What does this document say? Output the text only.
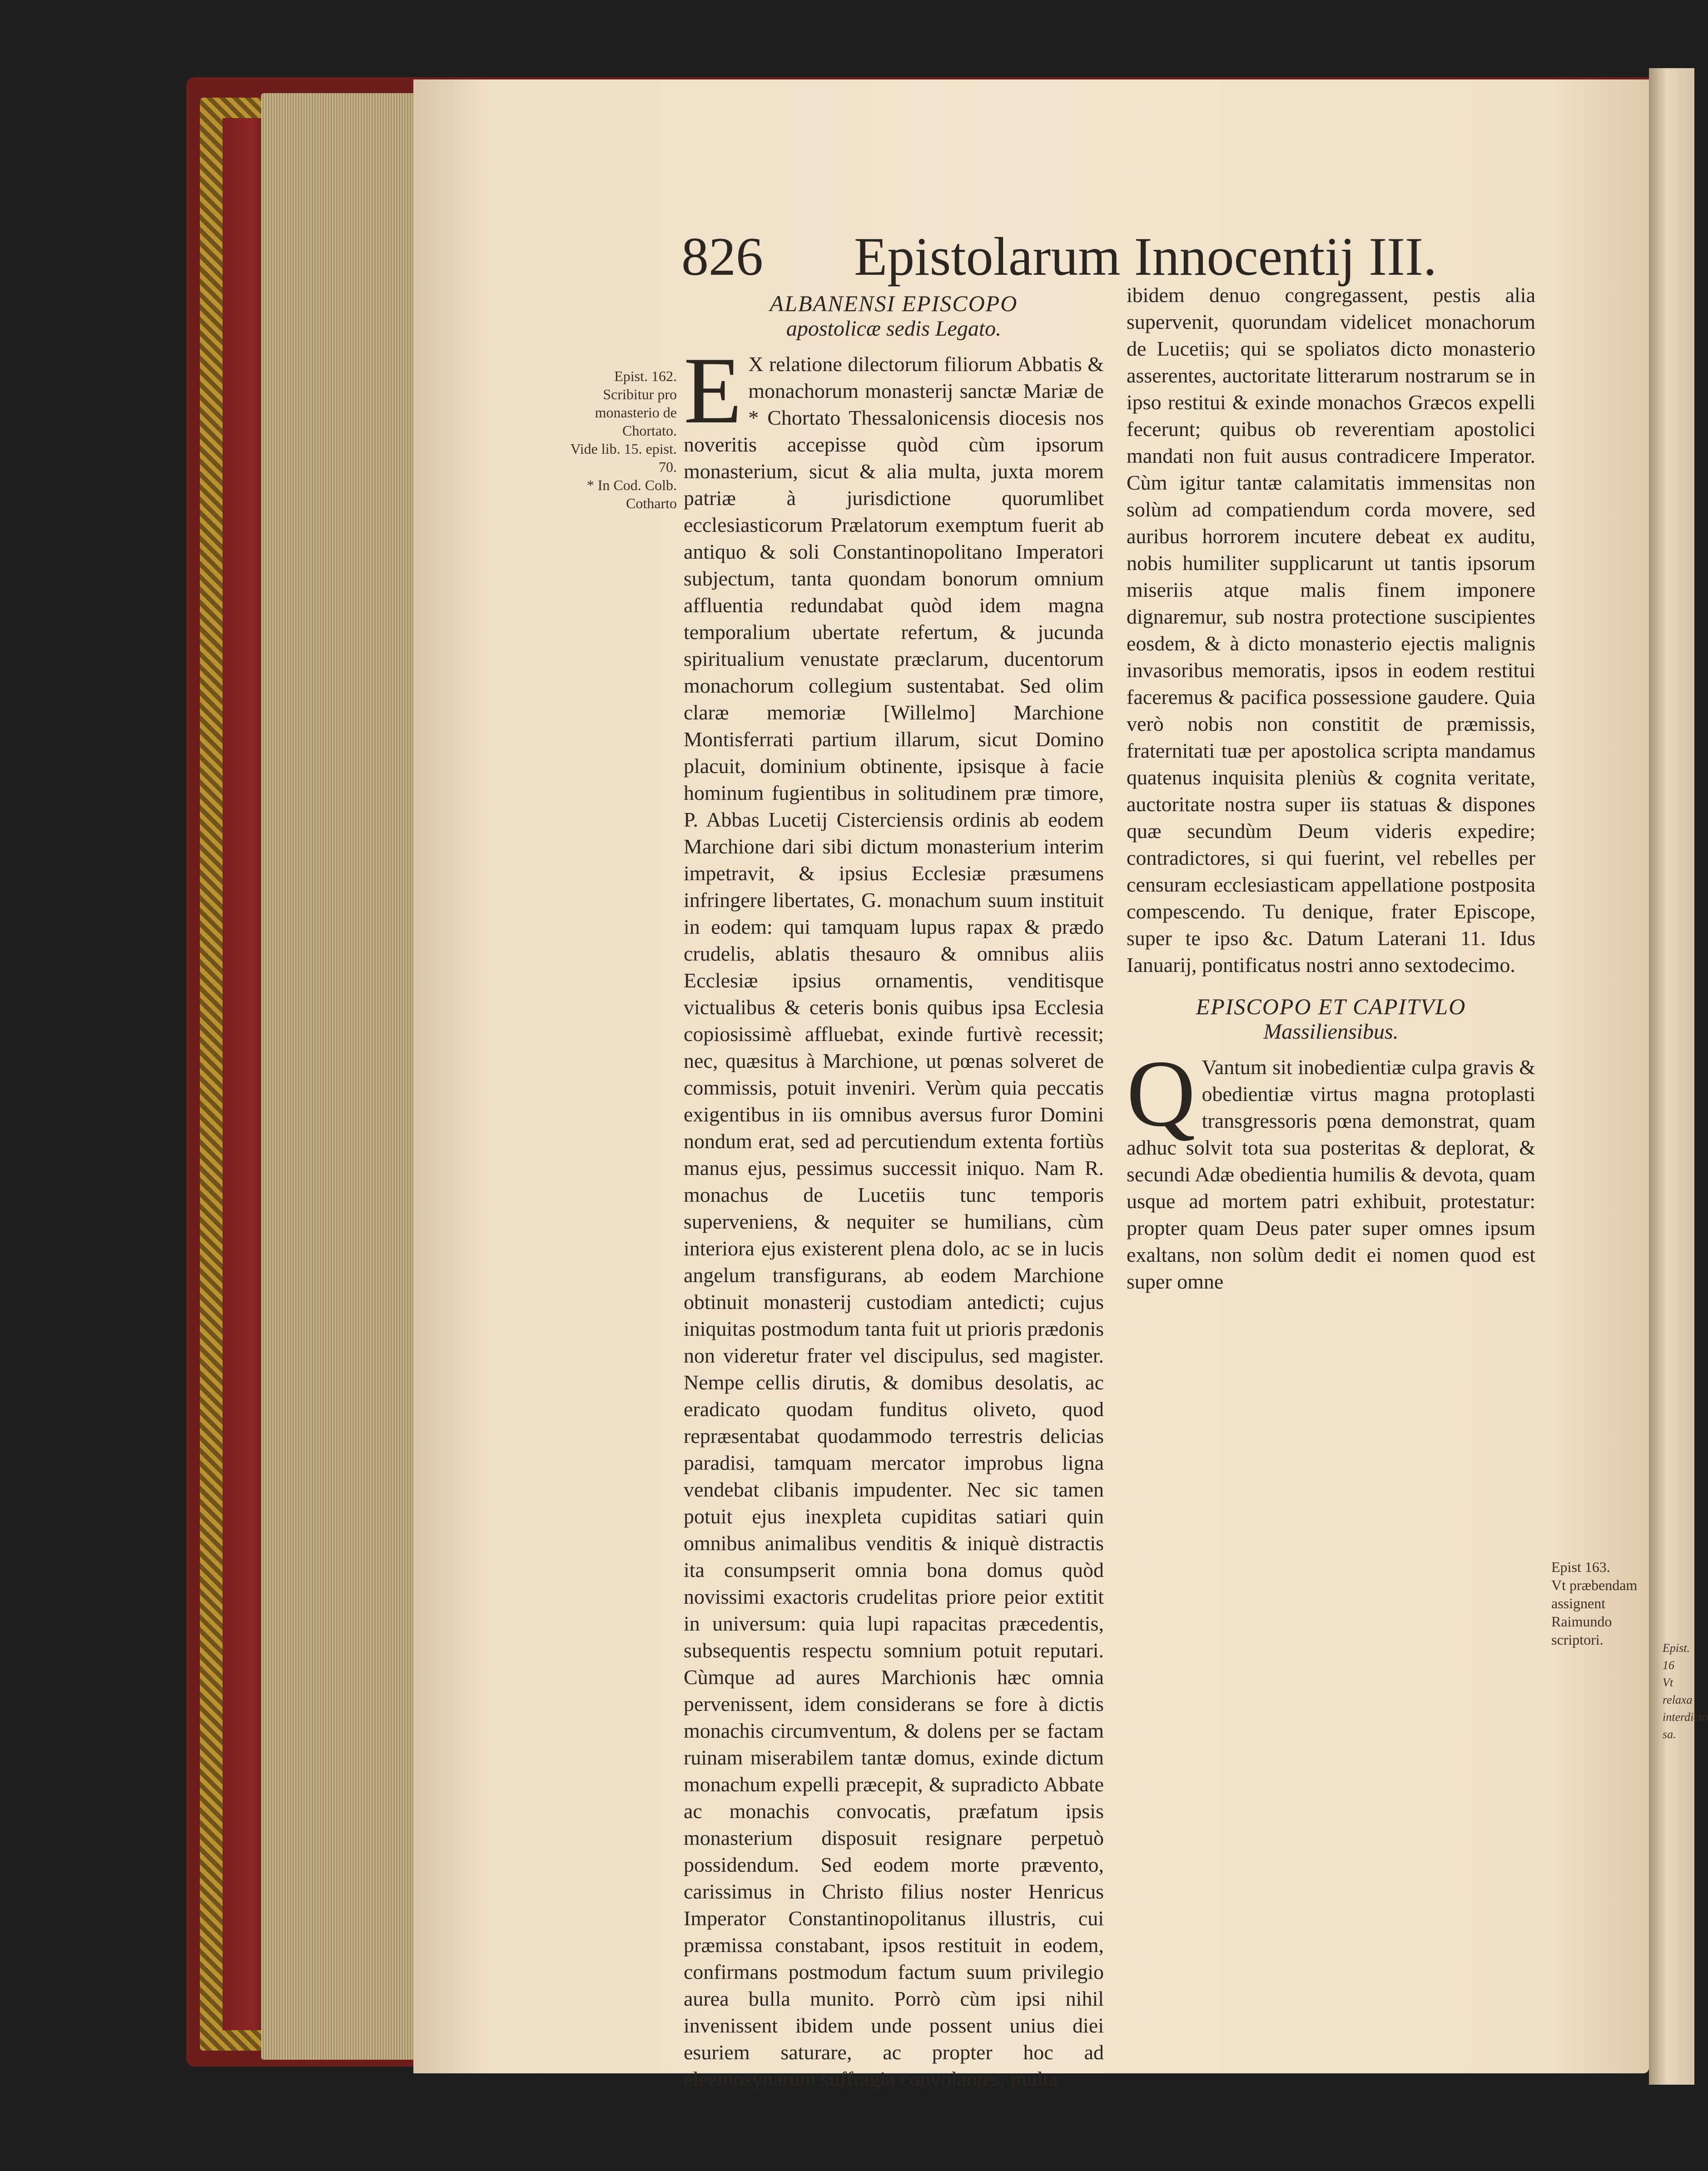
Epist. 16
Vt relaxa
interdicto
sa.
826 Epistolarum Innocentij III.
Epist. 162.
Scribitur pro monasterio de Chortato.
Vide lib. 15. epist. 70.
* In Cod. Colb. Cotharto
Epist 163.
Vt præbendam assignent Raimundo scriptori.
ALBANENSI EPISCOPO
apostolicæ sedis Legato.

E X relatione dilectorum filiorum Abbatis & monachorum monasterij sanctæ Mariæ de * Chortato Thessalonicensis diocesis nos noveritis accepisse quòd cùm ipsorum monasterium, sicut & alia multa, juxta morem patriæ à jurisdictione quorumlibet ecclesiasticorum Prælatorum exemptum fuerit ab antiquo & soli Constantinopolitano Imperatori subjectum, tanta quondam bonorum omnium affluentia redundabat quòd idem magna temporalium ubertate refertum, & jucunda spiritualium venustate præclarum, ducentorum monachorum collegium sustentabat. Sed olim claræ memoriæ [Willelmo] Marchione Montisferrati partium illarum, sicut Domino placuit, dominium obtinente, ipsisque à facie hominum fugientibus in solitudinem præ timore, P. Abbas Lucetij Cisterciensis ordinis ab eodem Marchione dari sibi dictum monasterium interim impetravit, & ipsius Ecclesiæ præsumens infringere libertates, G. monachum suum instituit in eodem: qui tamquam lupus rapax & prædo crudelis, ablatis thesauro & omnibus aliis Ecclesiæ ipsius ornamentis, venditisque victualibus & ceteris bonis quibus ipsa Ecclesia copiosissimè affluebat, exinde furtivè recessit; nec, quæsitus à Marchione, ut pœnas solveret de commissis, potuit inveniri. Verùm quia peccatis exigentibus in iis omnibus aversus furor Domini nondum erat, sed ad percutiendum extenta fortiùs manus ejus, pessimus successit iniquo. Nam R. monachus de Lucetiis tunc temporis superveniens, & nequiter se humilians, cùm interiora ejus existerent plena dolo, ac se in lucis angelum transfigurans, ab eodem Marchione obtinuit monasterij custodiam antedicti; cujus iniquitas postmodum tanta fuit ut prioris prædonis non videretur frater vel discipulus, sed magister. Nempe cellis dirutis, & domibus desolatis, ac eradicato quodam funditus oliveto, quod repræsentabat quodammodo terrestris delicias paradisi, tamquam mercator improbus ligna vendebat clibanis impudenter. Nec sic tamen potuit ejus inexpleta cupiditas satiari quin omnibus animalibus venditis & iniquè distractis ita consumpserit omnia bona domus quòd novissimi exactoris crudelitas priore peior extitit in universum: quia lupi rapacitas præcedentis, subsequentis respectu somnium potuit reputari. Cùmque ad aures Marchionis hæc omnia pervenissent, idem considerans se fore à dictis monachis circumventum, & dolens per se factam ruinam miserabilem tantæ domus, exinde dictum monachum expelli præcepit, & supradicto Abbate ac monachis convocatis, præfatum ipsis monasterium disposuit resignare perpetuò possidendum. Sed eodem morte prævento, carissimus in Christo filius noster Henricus Imperator Constantinopolitanus illustris, cui præmissa constabant, ipsos restituit in eodem, confirmans postmodum factum suum privilegio aurea bulla munito. Porrò cùm ipsi nihil invenissent ibidem unde possent unius diei esuriem saturare, ac propter hoc ad eleemosynarum suffragia convolantes, multa

ibidem denuo congregassent, pestis alia supervenit, quorundam videlicet monachorum de Lucetiis; qui se spoliatos dicto monasterio asserentes, auctoritate litterarum nostrarum se in ipso restitui & exinde monachos Græcos expelli fecerunt; quibus ob reverentiam apostolici mandati non fuit ausus contradicere Imperator. Cùm igitur tantæ calamitatis immensitas non solùm ad compatiendum corda movere, sed auribus horrorem incutere debeat ex auditu, nobis humiliter supplicarunt ut tantis ipsorum miseriis atque malis finem imponere dignaremur, sub nostra protectione suscipientes eosdem, & à dicto monasterio ejectis malignis invasoribus memoratis, ipsos in eodem restitui faceremus & pacifica possessione gaudere. Quia verò nobis non constitit de præmissis, fraternitati tuæ per apostolica scripta mandamus quatenus inquisita pleniùs & cognita veritate, auctoritate nostra super iis statuas & dispones quæ secundùm Deum videris expedire; contradictores, si qui fuerint, vel rebelles per censuram ecclesiasticam appellatione postposita compescendo. Tu denique, frater Episcope, super te ipso &c. Datum Laterani 11. Idus Ianuarij, pontificatus nostri anno sextodecimo.

EPISCOPO ET CAPITVLO
Massiliensibus.

Q Vantum sit inobedientiæ culpa gravis & obedientiæ virtus magna protoplasti transgressoris pœna demonstrat, quam adhuc solvit tota sua posteritas & deplorat, & secundi Adæ obedientia humilis & devota, quam usque ad mortem patri exhibuit, protestatur: propter quam Deus pater super omnes ipsum exaltans, non solùm dedit ei nomen quod est super omne
